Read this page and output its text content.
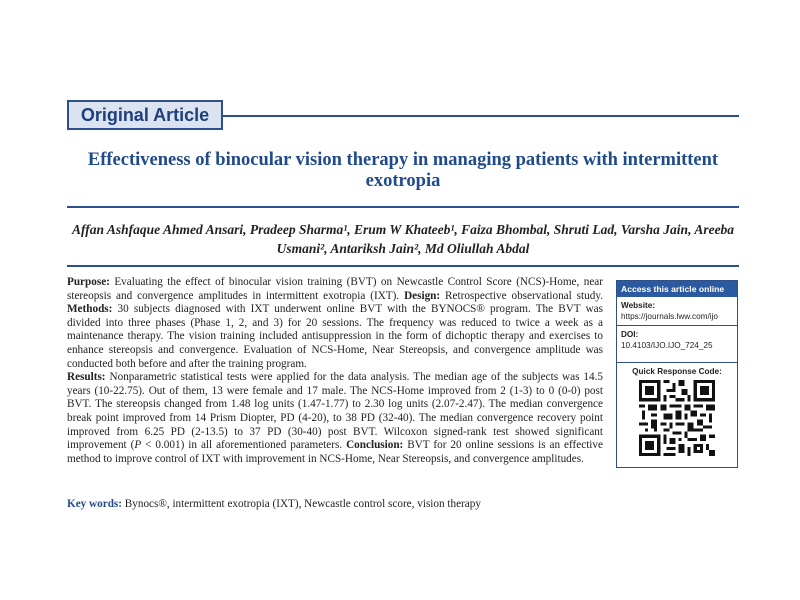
Original Article
Effectiveness of binocular vision therapy in managing patients with intermittent exotropia
Affan Ashfaque Ahmed Ansari, Pradeep Sharma¹, Erum W Khateeb¹, Faiza Bhombal, Shruti Lad, Varsha Jain, Areeba Usmani², Antariksh Jain², Md Oliullah Abdal
Purpose: Evaluating the effect of binocular vision training (BVT) on Newcastle Control Score (NCS)-Home, near stereopsis and convergence amplitudes in intermittent exotropia (IXT). Design: Retrospective observational study. Methods: 30 subjects diagnosed with IXT underwent online BVT with the BYNOCS® program. The BVT was divided into three phases (Phase 1, 2, and 3) for 20 sessions. The frequency was reduced to twice a week as a maintenance therapy. The vision training included antisuppression in the form of dichoptic therapy and exercises to enhance stereopsis and convergence. Evaluation of NCS-Home, Near Stereopsis, and convergence amplitude was conducted both before and after the training program.
Results: Nonparametric statistical tests were applied for the data analysis. The median age of the subjects was 14.5 years (10-22.75). Out of them, 13 were female and 17 male. The NCS-Home improved from 2 (1-3) to 0 (0-0) post BVT. The stereopsis changed from 1.48 log units (1.47-1.77) to 2.30 log units (2.07-2.47). The median convergence break point improved from 14 Prism Diopter, PD (4-20), to 38 PD (32-40). The median convergence recovery point improved from 6.25 PD (2-13.5) to 37 PD (30-40) post BVT. Wilcoxon signed-rank test showed significant improvement (P < 0.001) in all aforementioned parameters. Conclusion: BVT for 20 online sessions is an effective method to improve control of IXT with improvement in NCS-Home, Near Stereopsis, and convergence amplitudes.
Key words: Bynocs®, intermittent exotropia (IXT), Newcastle control score, vision therapy
Access this article online
Website:
https://journals.lww.com/ijo
DOI:
10.4103/IJO.IJO_724_25
Quick Response Code:
